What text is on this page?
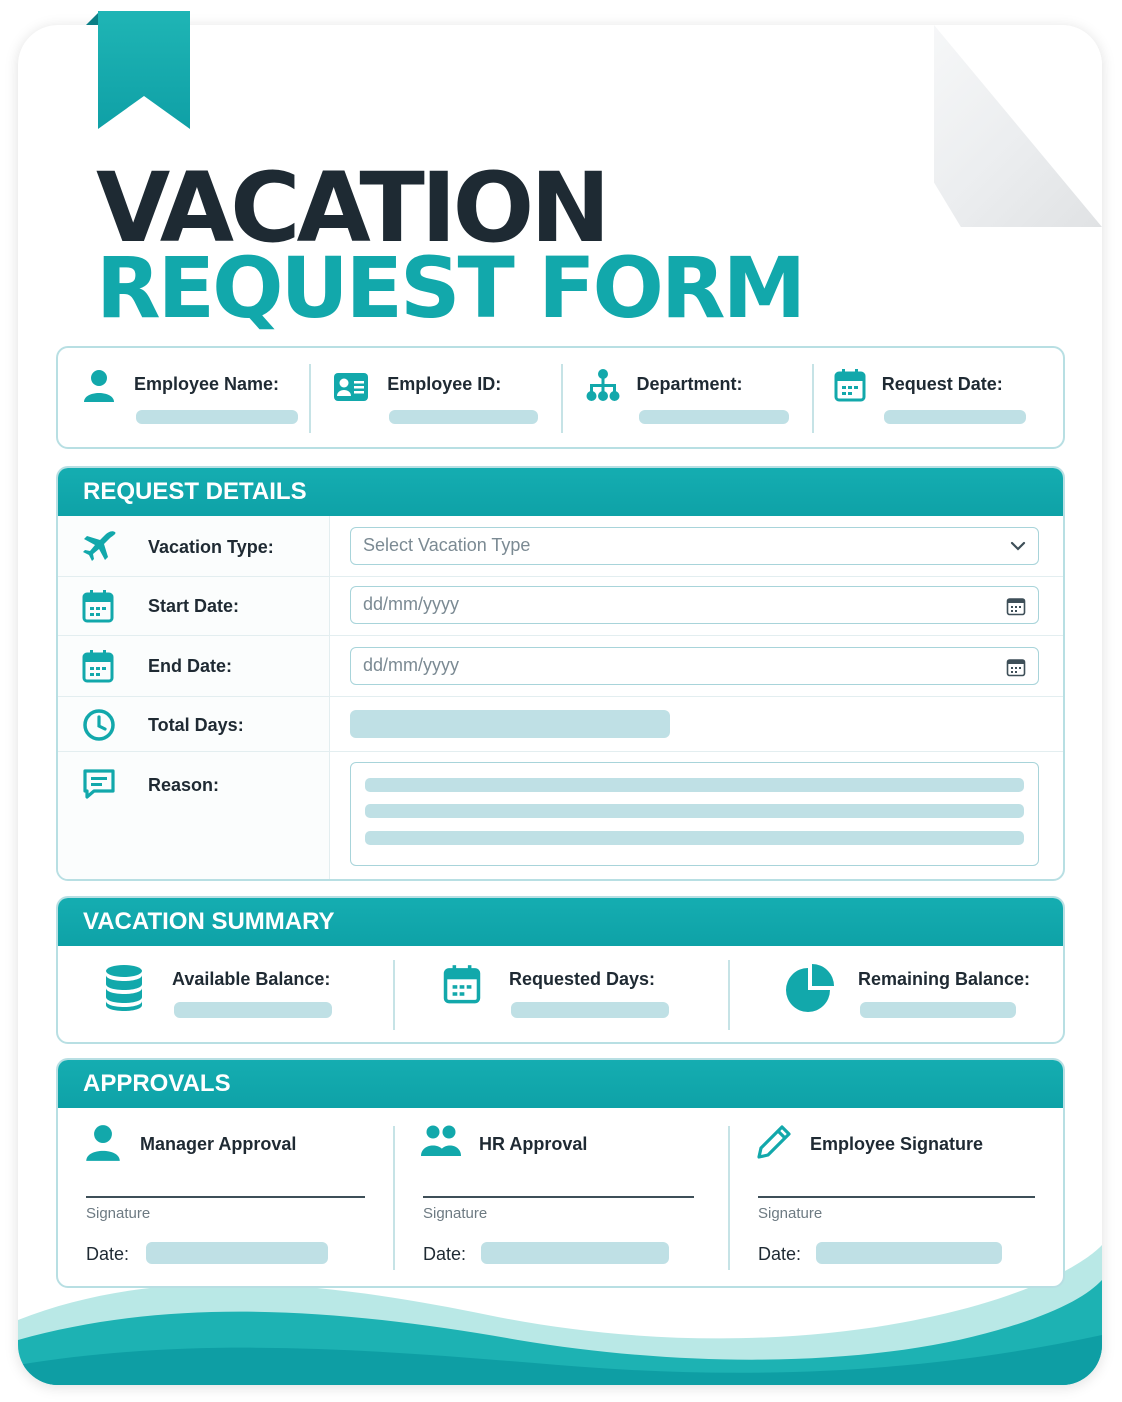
VACATION
REQUEST FORM
Employee Name:	Employee ID:	Department:	Request Date:
REQUEST DETAILS
Vacation Type:	Select Vacation Type
Start Date:	dd/mm/yyyy
End Date:	dd/mm/yyyy
Total Days:
Reason:
VACATION SUMMARY
Available Balance:	Requested Days:	Remaining Balance:
APPROVALS
Manager Approval
Signature
Date:
HR Approval
Signature
Date:
Employee Signature
Signature
Date:
